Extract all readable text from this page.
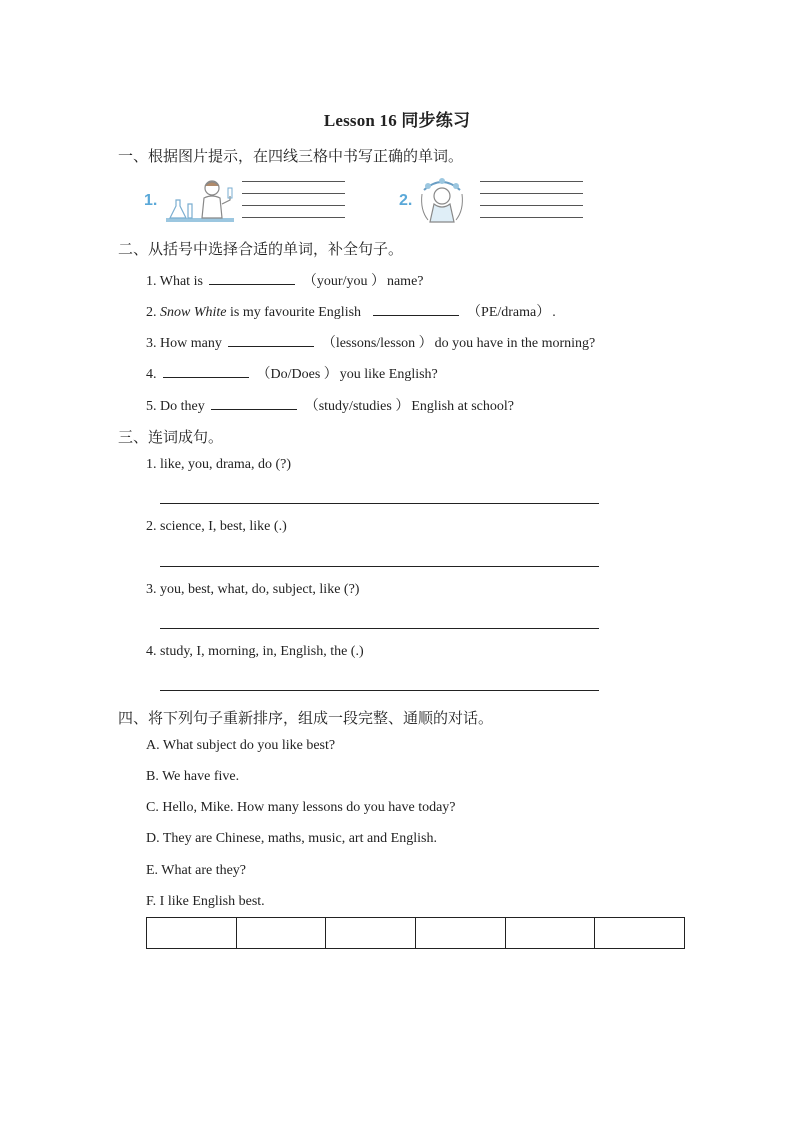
Lesson 16 同步练习
一、根据图片提示，在四线三格中书写正确的单词。
1.	2.
二、从括号中选择合适的单词，补全句子。
1. What is	（your/you ） name?
2. Snow White is my favourite English	（PE/drama） .
3. How many	（lessons/lesson ） do you have in the morning?
4.	（Do/Does ） you like English?
5. Do they	（study/studies ） English at school?
三、连词成句。
1. like, you, drama, do (?)
2. science, I, best, like (.)
3. you, best, what, do, subject, like (?)
4. study, I, morning, in, English, the (.)
四、将下列句子重新排序，组成一段完整、通顺的对话。
A. What subject do you like best?
B. We have five.
C. Hello, Mike. How many lessons do you have today?
D. They are Chinese, maths, music, art and English.
E. What are they?
F. I like English best.
